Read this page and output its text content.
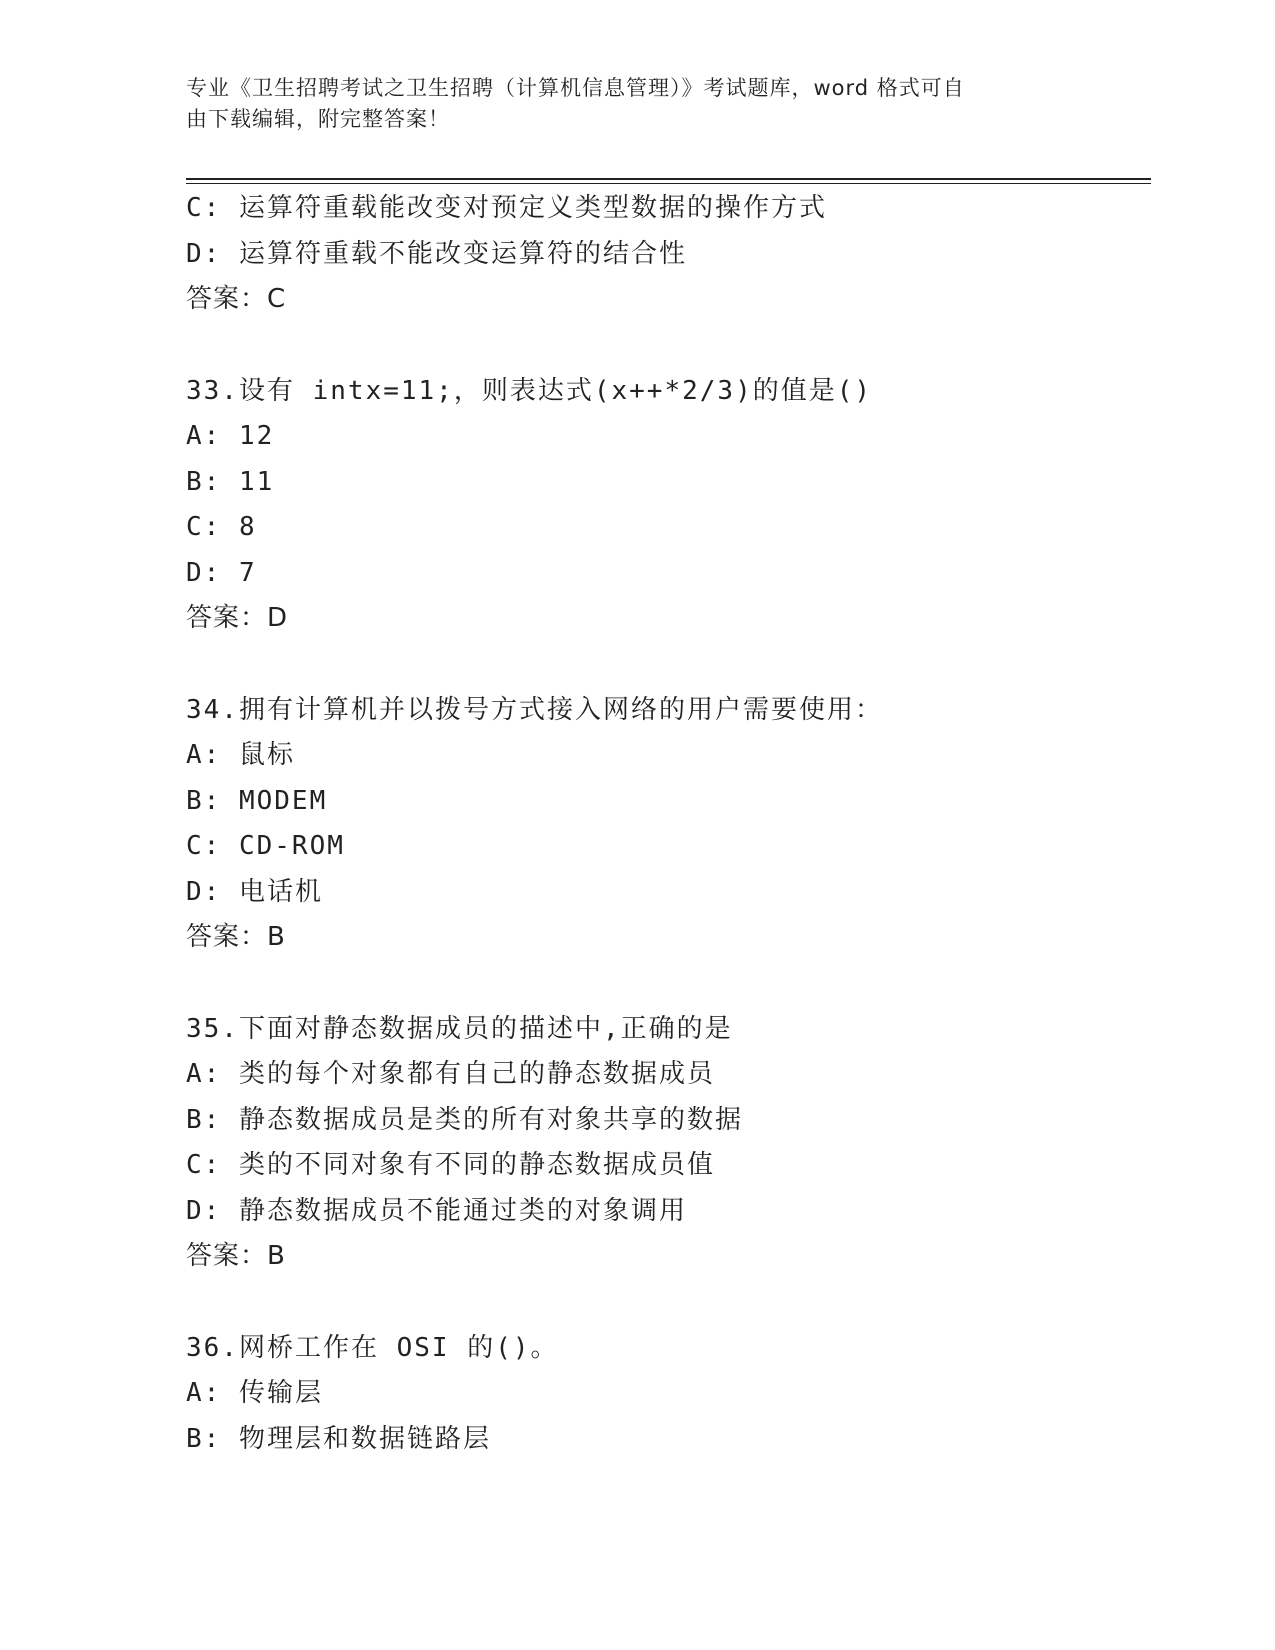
专业《卫生招聘考试之卫生招聘（计算机信息管理）》考试题库，word 格式可自
由下载编辑，附完整答案！
C: 运算符重载能改变对预定义类型数据的操作方式
D: 运算符重载不能改变运算符的结合性
答案：C
33.设有 intx=11;，则表达式(x++*2/3)的值是()
A: 12
B: 11
C: 8
D: 7
答案：D
34.拥有计算机并以拨号方式接入网络的用户需要使用：
A: 鼠标
B: MODEM
C: CD-ROM
D: 电话机
答案：B
35.下面对静态数据成员的描述中,正确的是
A: 类的每个对象都有自己的静态数据成员
B: 静态数据成员是类的所有对象共享的数据
C: 类的不同对象有不同的静态数据成员值
D: 静态数据成员不能通过类的对象调用
答案：B
36.网桥工作在 OSI 的()。
A: 传输层
B: 物理层和数据链路层
